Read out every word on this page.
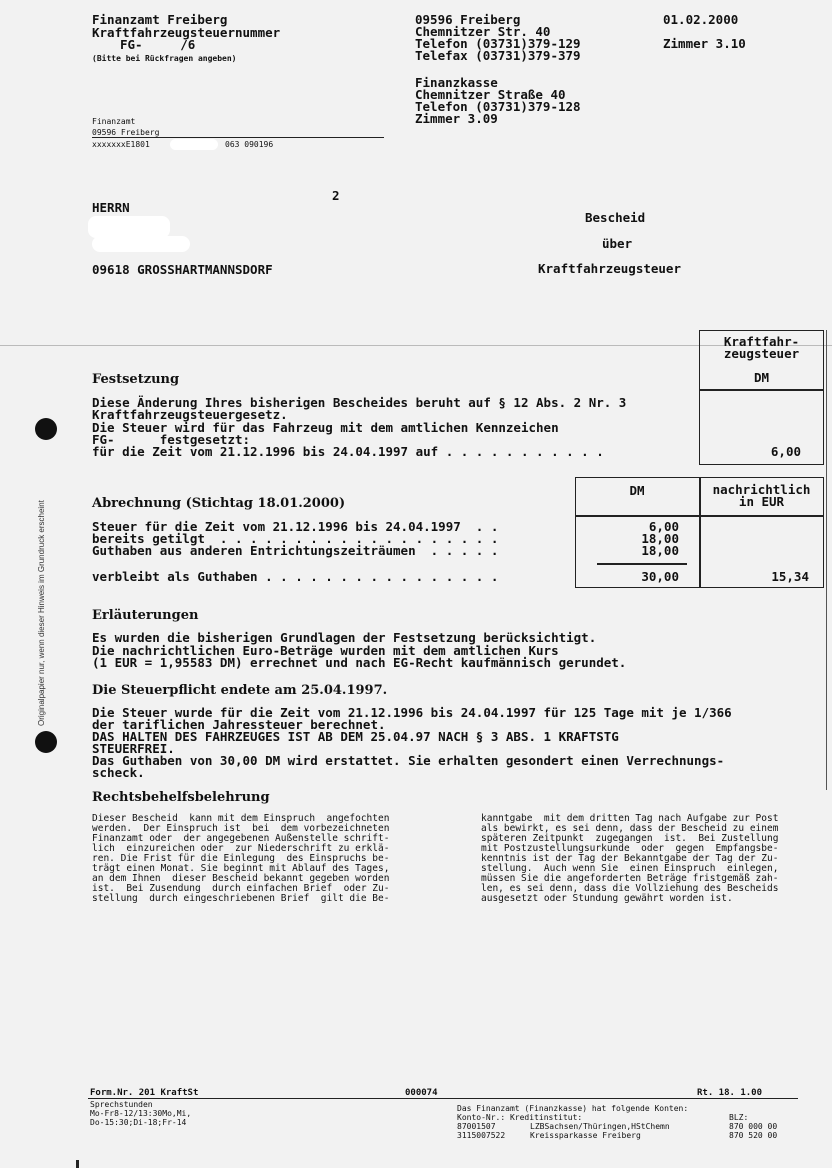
Originalpapier nur, wenn dieser Hinweis im Grundruck erscheint
Finanzamt Freiberg
Kraftfahrzeugsteuernummer
FG-     /6
(Bitte bei Rückfragen angeben)
09596 Freiberg
Chemnitzer Str. 40
Telefon (03731)379-129
Telefax (03731)379-379
Finanzkasse
Chemnitzer Straße 40
Telefon (03731)379-128
Zimmer 3.09
01.02.2000
Zimmer 3.10
Finanzamt
09596 Freiberg
xxxxxxxE1801	063 090196
2
HERRN
09618 GROSSHARTMANNSDORF
Bescheid
über
Kraftfahrzeugsteuer
Festsetzung
Kraftfahr-
zeugsteuer
DM
Diese Änderung Ihres bisherigen Bescheides beruht auf § 12 Abs. 2 Nr. 3
Kraftfahrzeugsteuergesetz.
Die Steuer wird für das Fahrzeug mit dem amtlichen Kennzeichen
FG-      festgesetzt:
für die Zeit vom 21.12.1996 bis 24.04.1997 auf . . . . . . . . . . .	6,00
Abrechnung (Stichtag 18.01.2000)
DM	nachrichtlich
in EUR
Steuer für die Zeit vom 21.12.1996 bis 24.04.1997  . .	6,00
bereits getilgt  . . . . . . . . . . . . . . . . . . .	18,00
Guthaben aus anderen Entrichtungszeiträumen  . . . . .	18,00
verbleibt als Guthaben . . . . . . . . . . . . . . . .	30,00	15,34
Erläuterungen
Es wurden die bisherigen Grundlagen der Festsetzung berücksichtigt.
Die nachrichtlichen Euro-Beträge wurden mit dem amtlichen Kurs
(1 EUR = 1,95583 DM) errechnet und nach EG-Recht kaufmännisch gerundet.
Die Steuerpflicht endete am 25.04.1997.
Die Steuer wurde für die Zeit vom 21.12.1996 bis 24.04.1997 für 125 Tage mit je 1/366
der tariflichen Jahressteuer berechnet.
DAS HALTEN DES FAHRZEUGES IST AB DEM 25.04.97 NACH § 3 ABS. 1 KRAFTSTG
STEUERFREI.
Das Guthaben von 30,00 DM wird erstattet. Sie erhalten gesondert einen Verrechnungs-
scheck.
Rechtsbehelfsbelehrung
Dieser Bescheid  kann mit dem Einspruch  angefochten
werden.  Der Einspruch ist  bei  dem vorbezeichneten
Finanzamt oder  der angegebenen Außenstelle schrift-
lich  einzureichen oder  zur Niederschrift zu erklä-
ren. Die Frist für die Einlegung  des Einspruchs be-
trägt einen Monat. Sie beginnt mit Ablauf des Tages,
an dem Ihnen  dieser Bescheid bekannt gegeben worden
ist.  Bei Zusendung  durch einfachen Brief  oder Zu-
stellung  durch eingeschriebenen Brief  gilt die Be-
kanntgabe  mit dem dritten Tag nach Aufgabe zur Post
als bewirkt, es sei denn, dass der Bescheid zu einem
späteren Zeitpunkt  zugegangen  ist.  Bei Zustellung
mit Postzustellungsurkunde  oder  gegen  Empfangsbe-
kenntnis ist der Tag der Bekanntgabe der Tag der Zu-
stellung.  Auch wenn Sie  einen Einspruch  einlegen,
müssen Sie die angeforderten Beträge fristgemäß zah-
len, es sei denn, dass die Vollziehung des Bescheids
ausgesetzt oder Stundung gewährt worden ist.
Form.Nr. 201 KraftSt	000074	Rt. 18. 1.00
Sprechstunden
Mo-Fr8-12/13:30Mo,Mi,
Do-15:30;Di-18;Fr-14
Das Finanzamt (Finanzkasse) hat folgende Konten:
Konto-Nr.: Kreditinstitut:	BLZ:
87001507	LZBSachsen/Thüringen,HStChemn	870 000 00
3115007522	Kreissparkasse Freiberg	870 520 00
